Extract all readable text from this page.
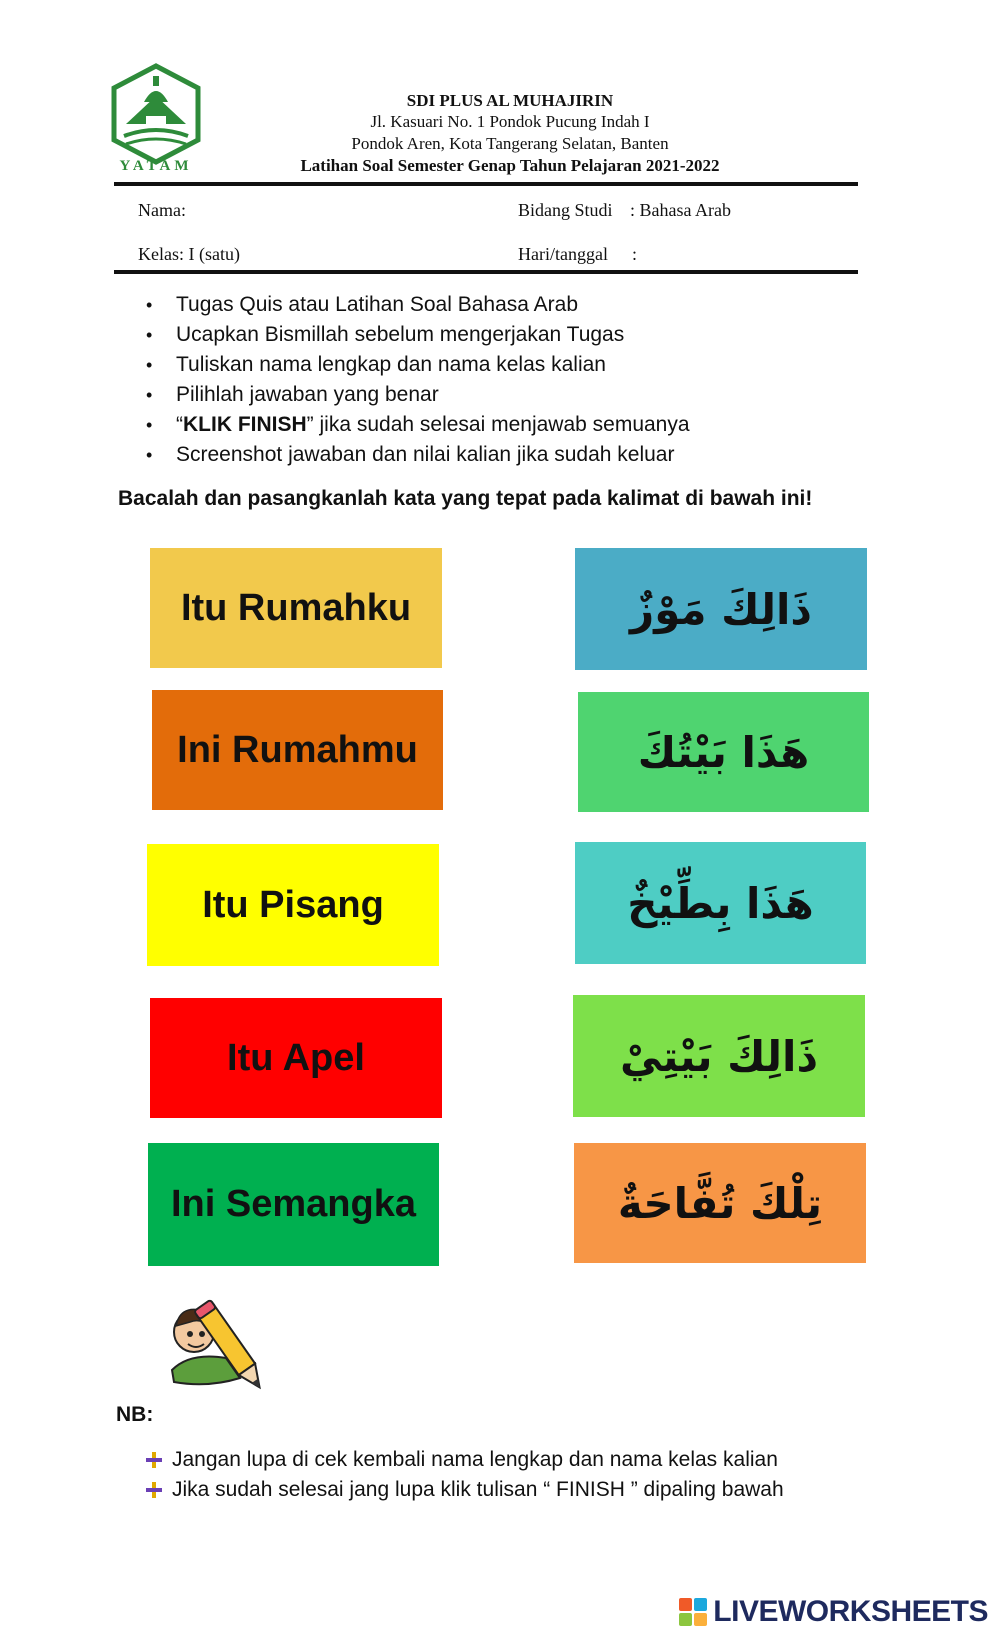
YATAM
SDI PLUS AL MUHAJIRIN
Jl. Kasuari No. 1 Pondok Pucung Indah I
Pondok Aren, Kota Tangerang Selatan, Banten
Latihan Soal Semester Genap Tahun Pelajaran 2021-2022
Nama:	Bidang Studi : Bahasa Arab
Kelas: I (satu)	Hari/tanggal :
• Tugas Quis atau Latihan Soal Bahasa Arab
• Ucapkan Bismillah sebelum mengerjakan Tugas
• Tuliskan nama lengkap dan nama kelas kalian
• Pilihlah jawaban yang benar
• “KLIK FINISH” jika sudah selesai menjawab semuanya
• Screenshot jawaban dan nilai kalian jika sudah keluar
Bacalah dan pasangkanlah kata yang tepat pada kalimat di bawah ini!
Itu Rumahku
Ini Rumahmu
Itu Pisang
Itu Apel
Ini Semangka
ذَالِكَ مَوْزٌ
هَذَا بَيْتُكَ
هَذَا بِطِّيْخٌ
ذَالِكَ بَيْتِيْ
تِلْكَ تُفَّاحَةٌ
NB:
Jangan lupa di cek kembali nama lengkap dan nama kelas kalian
Jika sudah selesai jang lupa klik tulisan “ FINISH ” dipaling bawah
LIVEWORKSHEETS
